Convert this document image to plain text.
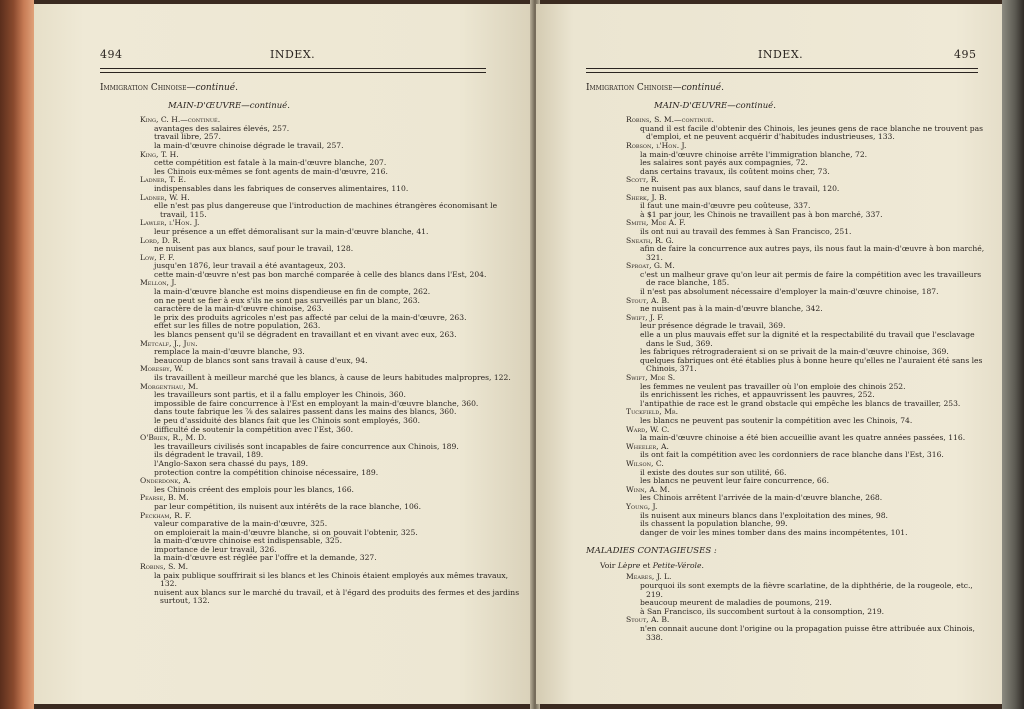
494	INDEX.
Immigration Chinoise—continué.
MAIN-D'ŒUVRE—continué.
King, C. H.—continué.
avantages des salaires élevés, 257.
travail libre, 257.
la main-d'œuvre chinoise dégrade le travail, 257.
King, T. H.
cette compétition est fatale à la main-d'œuvre blanche, 207.
les Chinois eux-mêmes se font agents de main-d'œuvre, 216.
Ladner, T. E.
indispensables dans les fabriques de conserves alimentaires, 110.
Ladner, W. H.
elle n'est pas plus dangereuse que l'introduction de machines étrangères économisant le travail, 115.
Lawler, l'Hon. J.
leur présence a un effet démoralisant sur la main-d'œuvre blanche, 41.
Lord, D. R.
ne nuisent pas aux blancs, sauf pour le travail, 128.
Low, F. F.
jusqu'en 1876, leur travail a été avantageux, 203.
cette main-d'œuvre n'est pas bon marché comparée à celle des blancs dans l'Est, 204.
Mellon, J.
la main-d'œuvre blanche est moins dispendieuse en fin de compte, 262.
on ne peut se fier à eux s'ils ne sont pas surveillés par un blanc, 263.
caractère de la main-d'œuvre chinoise, 263.
le prix des produits agricoles n'est pas affecté par celui de la main-d'œuvre, 263.
effet sur les filles de notre population, 263.
les blancs pensent qu'il se dégradent en travaillant et en vivant avec eux, 263.
Metcalf, J., Jun.
remplace la main-d'œuvre blanche, 93.
beaucoup de blancs sont sans travail à cause d'eux, 94.
Moresby, W.
ils travaillent à meilleur marché que les blancs, à cause de leurs habitudes malpropres, 122.
Morgenthau, M.
les travailleurs sont partis, et il a fallu employer les Chinois, 360.
impossible de faire concurrence à l'Est en employant la main-d'œuvre blanche, 360.
dans toute fabrique les ⅞ des salaires passent dans les mains des blancs, 360.
le peu d'assiduité des blancs fait que les Chinois sont employés, 360.
difficulté de soutenir la compétition avec l'Est, 360.
O'Brien, R., M. D.
les travailleurs civilisés sont incapables de faire concurrence aux Chinois, 189.
ils dégradent le travail, 189.
l'Anglo-Saxon sera chassé du pays, 189.
protection contre la compétition chinoise nécessaire, 189.
Onderdonk, A.
les Chinois créent des emplois pour les blancs, 166.
Pearse, B. M.
par leur compétition, ils nuisent aux intérêts de la race blanche, 106.
Peckham, R. F.
valeur comparative de la main-d'œuvre, 325.
on emploierait la main-d'œuvre blanche, si on pouvait l'obtenir, 325.
la main-d'œuvre chinoise est indispensable, 325.
importance de leur travail, 326.
la main-d'œuvre est réglée par l'offre et la demande, 327.
Robins, S. M.
la paix publique souffrirait si les blancs et les Chinois étaient employés aux mêmes travaux, 132.
nuisent aux blancs sur le marché du travail, et à l'égard des produits des fermes et des jardins surtout, 132.
INDEX.	495
Immigration Chinoise—continué.
MAIN-D'ŒUVRE—continué.
Robins, S. M.—continué.
quand il est facile d'obtenir des Chinois, les jeunes gens de race blanche ne trouvent pas d'emploi, et ne peuvent acquérir d'habitudes industrieuses, 133.
Robson, l'Hon. J.
la main-d'œuvre chinoise arrête l'immigration blanche, 72.
les salaires sont payés aux compagnies, 72.
dans certains travaux, ils coûtent moins cher, 73.
Scott, R.
ne nuisent pas aux blancs, sauf dans le travail, 120.
Sherk, J. B.
il faut une main-d'œuvre peu coûteuse, 337.
à $1 par jour, les Chinois ne travaillent pas à bon marché, 337.
Smith, Mde A. F.
ils ont nui au travail des femmes à San Francisco, 251.
Sneath, R. G.
afin de faire la concurrence aux autres pays, ils nous faut la main-d'œuvre à bon marché, 321.
Sproat, G. M.
c'est un malheur grave qu'on leur ait permis de faire la compétition avec les travailleurs de race blanche, 185.
il n'est pas absolument nécessaire d'employer la main-d'œuvre chinoise, 187.
Stout, A. B.
ne nuisent pas à la main-d'œuvre blanche, 342.
Swift, J. F.
leur présence dégrade le travail, 369.
elle a un plus mauvais effet sur la dignité et la respectabilité du travail que l'esclavage dans le Sud, 369.
les fabriques rétrograderaient si on se privait de la main-d'œuvre chinoise, 369.
quelques fabriques ont été établies plus à bonne heure qu'elles ne l'auraient été sans les Chinois, 371.
Swift, Mde S.
les femmes ne veulent pas travailler où l'on emploie des chinois 252.
ils enrichissent les riches, et appauvrissent les pauvres, 252.
l'antipathie de race est le grand obstacle qui empêche les blancs de travailler, 253.
Tuckfield, Mr.
les blancs ne peuvent pas soutenir la compétition avec les Chinois, 74.
Ward, W. C.
la main-d'œuvre chinoise a été bien accueillie avant les quatre années passées, 116.
Wheeler, A.
ils ont fait la compétition avec les cordonniers de race blanche dans l'Est, 316.
Wilson, C.
il existe des doutes sur son utilité, 66.
les blancs ne peuvent leur faire concurrence, 66.
Winn, A. M.
les Chinois arrêtent l'arrivée de la main-d'œuvre blanche, 268.
Young, J.
ils nuisent aux mineurs blancs dans l'exploitation des mines, 98.
ils chassent la population blanche, 99.
danger de voir les mines tomber dans des mains incompétentes, 101.
MALADIES CONTAGIEUSES :
Voir Lèpre et Petite-Vérole.
Meares, J. L.
pourquoi ils sont exempts de la fièvre scarlatine, de la diphthérie, de la rougeole, etc., 219.
beaucoup meurent de maladies de poumons, 219.
à San Francisco, ils succombent surtout à la consomption, 219.
Stout, A. B.
n'en connait aucune dont l'origine ou la propagation puisse être attribuée aux Chinois, 338.
